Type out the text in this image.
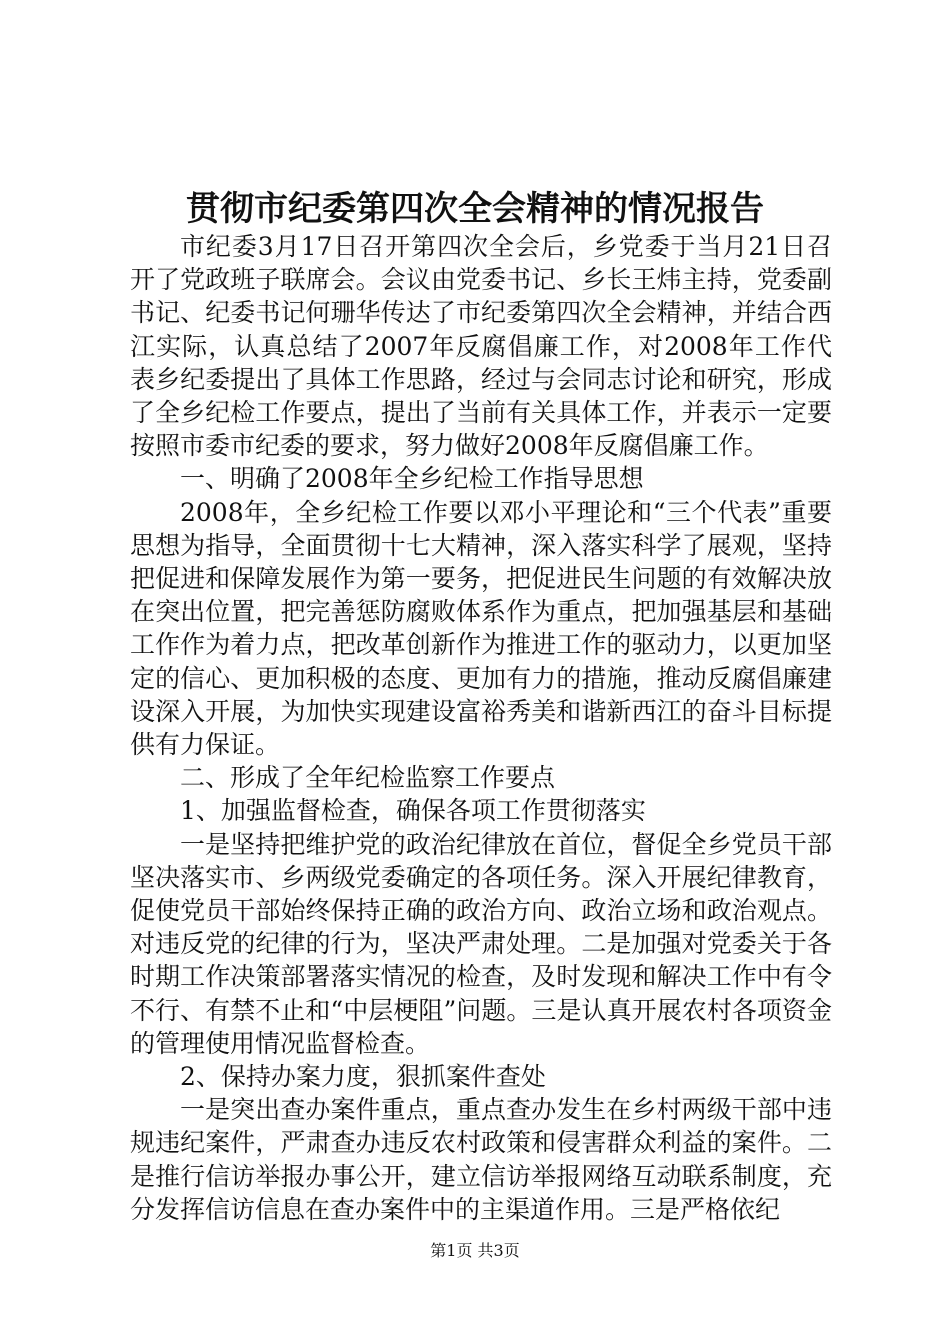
贯彻市纪委第四次全会精神的情况报告

市纪委3月17日召开第四次全会后，乡党委于当月21日召开了党政班子联席会。会议由党委书记、乡长王炜主持，党委副书记、纪委书记何珊华传达了市纪委第四次全会精神，并结合西江实际，认真总结了2007年反腐倡廉工作，对2008年工作代表乡纪委提出了具体工作思路，经过与会同志讨论和研究，形成了全乡纪检工作要点，提出了当前有关具体工作，并表示一定要按照市委市纪委的要求，努力做好2008年反腐倡廉工作。

一、明确了2008年全乡纪检工作指导思想

2008年，全乡纪检工作要以邓小平理论和“三个代表”重要思想为指导，全面贯彻十七大精神，深入落实科学了展观，坚持把促进和保障发展作为第一要务，把促进民生问题的有效解决放在突出位置，把完善惩防腐败体系作为重点，把加强基层和基础工作作为着力点，把改革创新作为推进工作的驱动力，以更加坚定的信心、更加积极的态度、更加有力的措施，推动反腐倡廉建设深入开展，为加快实现建设富裕秀美和谐新西江的奋斗目标提供有力保证。

二、形成了全年纪检监察工作要点

1、加强监督检查，确保各项工作贯彻落实

一是坚持把维护党的政治纪律放在首位，督促全乡党员干部坚决落实市、乡两级党委确定的各项任务。深入开展纪律教育，促使党员干部始终保持正确的政治方向、政治立场和政治观点。对违反党的纪律的行为，坚决严肃处理。二是加强对党委关于各时期工作决策部署落实情况的检查，及时发现和解决工作中有令不行、有禁不止和“中层梗阻”问题。三是认真开展农村各项资金的管理使用情况监督检查。

2、保持办案力度，狠抓案件查处

一是突出查办案件重点，重点查办发生在乡村两级干部中违规违纪案件，严肃查办违反农村政策和侵害群众利益的案件。二是推行信访举报办事公开，建立信访举报网络互动联系制度，充分发挥信访信息在查办案件中的主渠道作用。三是严格依纪

第1页 共3页
